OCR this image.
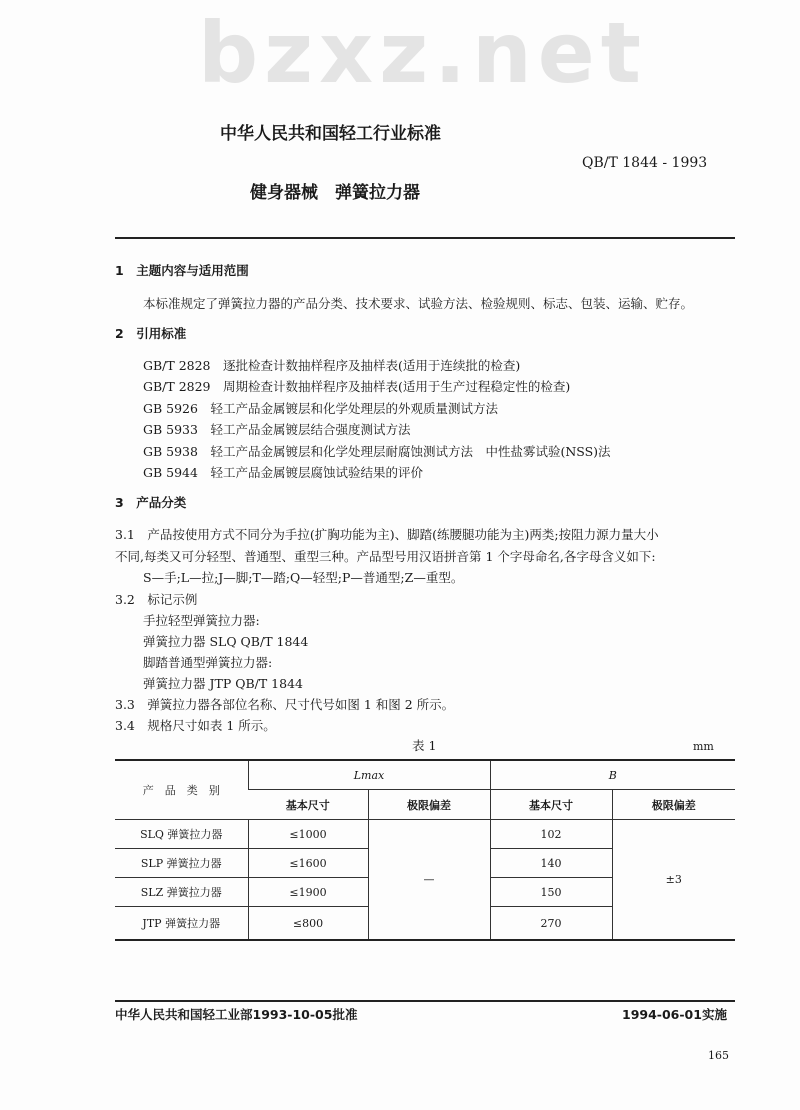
bzxz.net
中华人民共和国轻工行业标准
QB/T 1844 - 1993
健身器械　弹簧拉力器
1　主题内容与适用范围
本标准规定了弹簧拉力器的产品分类、技术要求、试验方法、检验规则、标志、包装、运输、贮存。
2　引用标准
GB/T 2828　逐批检查计数抽样程序及抽样表(适用于连续批的检查)
GB/T 2829　周期检查计数抽样程序及抽样表(适用于生产过程稳定性的检查)
GB 5926　轻工产品金属镀层和化学处理层的外观质量测试方法
GB 5933　轻工产品金属镀层结合强度测试方法
GB 5938　轻工产品金属镀层和化学处理层耐腐蚀测试方法　中性盐雾试验(NSS)法
GB 5944　轻工产品金属镀层腐蚀试验结果的评价
3　产品分类
3.1　产品按使用方式不同分为手拉(扩胸功能为主)、脚踏(练腰腿功能为主)两类;按阻力源力量大小
不同,每类又可分轻型、普通型、重型三种。产品型号用汉语拼音第 1 个字母命名,各字母含义如下:
S—手;L—拉;J—脚;T—踏;Q—轻型;P—普通型;Z—重型。
3.2　标记示例
手拉轻型弹簧拉力器:
弹簧拉力器 SLQ QB/T 1844
脚踏普通型弹簧拉力器:
弹簧拉力器 JTP QB/T 1844
3.3　弹簧拉力器各部位名称、尺寸代号如图 1 和图 2 所示。
3.4　规格尺寸如表 1 所示。
表 1	mm
产　品　类　别	Lmax		B	
	基本尺寸	极限偏差	基本尺寸	极限偏差
SLQ 弹簧拉力器	≤1000	—	102	±3
SLP 弹簧拉力器	≤1600		140	
SLZ 弹簧拉力器	≤1900		150	
JTP 弹簧拉力器	≤800		270	
中华人民共和国轻工业部1993-10-05批准	1994-06-01实施
165
